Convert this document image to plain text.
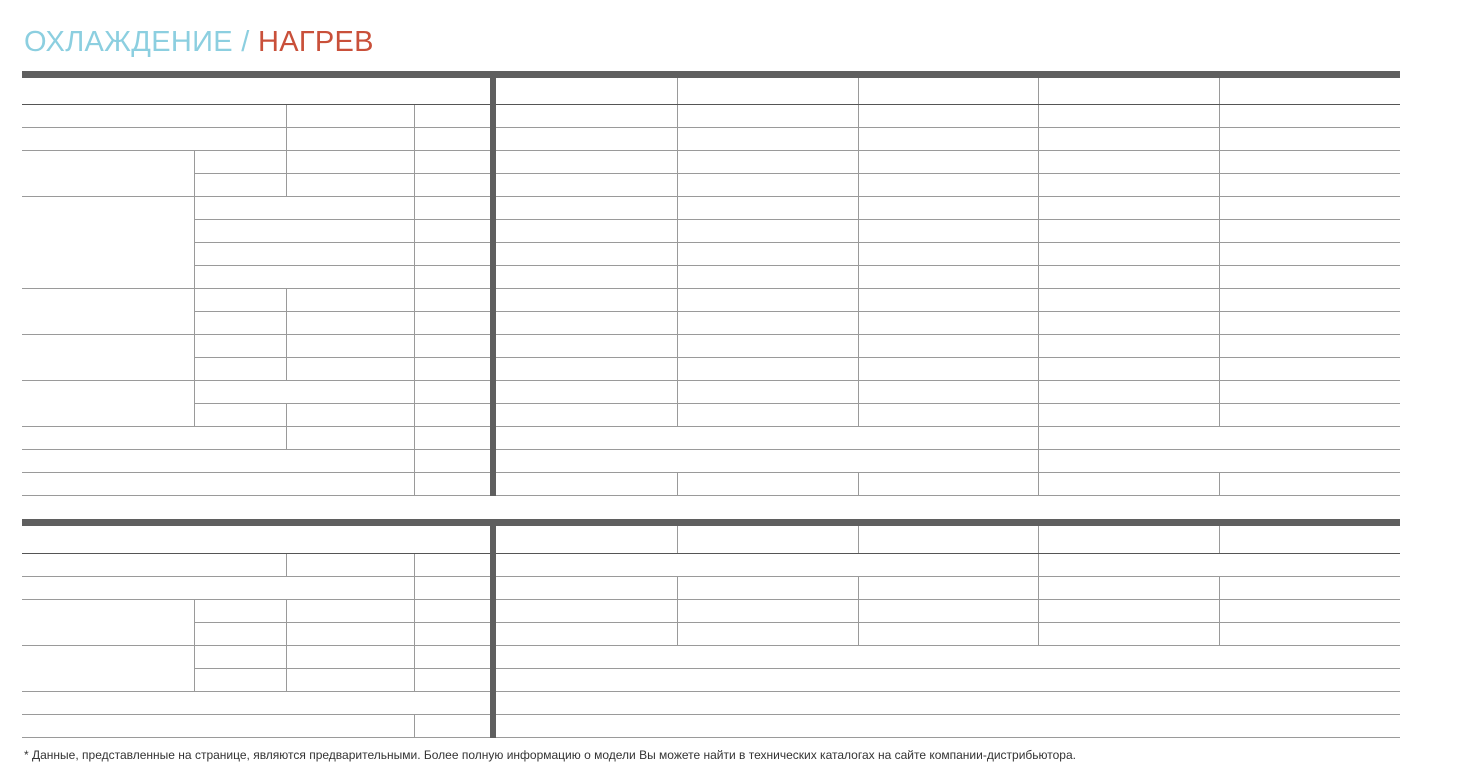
ОХЛАЖДЕНИЕ / НАГРЕВ
* Данные, представленные на странице, являются предварительными. Более полную информацию о модели Вы можете найти в технических каталогах на сайте компании-дистрибьютора.
